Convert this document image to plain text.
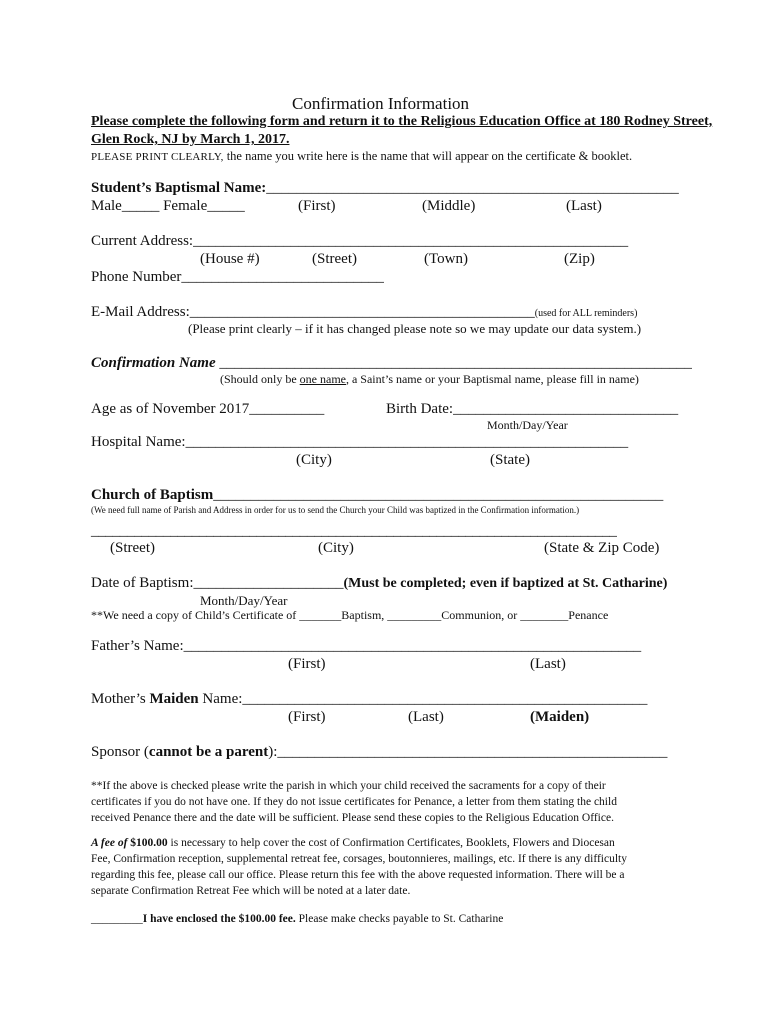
Confirmation Information
Please complete the following form and return it to the Religious Education Office at 180 Rodney Street,
Glen Rock, NJ by March 1, 2017.
PLEASE PRINT CLEARLY, the name you write here is the name that will appear on the certificate & booklet.
Student’s Baptismal Name:_______________________________________________________
Male_____ Female_____	(First)	(Middle)	(Last)
Current Address:__________________________________________________________
(House #)	(Street)	(Town)	(Zip)
Phone Number___________________________
E-Mail Address:______________________________________________(used for ALL reminders)
(Please print clearly – if it has changed please note so we may update our data system.)
Confirmation Name _______________________________________________________________
(Should only be one name, a Saint’s name or your Baptismal name, please fill in name)
Age as of November 2017__________	Birth Date:______________________________
Month/Day/Year
Hospital Name:___________________________________________________________
(City)	(State)
Church of Baptism____________________________________________________________
(We need full name of Parish and Address in order for us to send the Church your Child was baptized in the Confirmation information.)
_________________________________________________________________________
(Street)	(City)	(State & Zip Code)
Date of Baptism:____________________(Must be completed; even if baptized at St. Catharine)
Month/Day/Year
**We need a copy of Child’s Certificate of _______Baptism, _________Communion, or ________Penance
Father’s Name:_____________________________________________________________
(First)	(Last)
Mother’s Maiden Name:______________________________________________________
(First)	(Last)	(Maiden)
Sponsor (cannot be a parent):____________________________________________________
**If the above is checked please write the parish in which your child received the sacraments for a copy of their
certificates if you do not have one. If they do not issue certificates for Penance, a letter from them stating the child
received Penance there and the date will be sufficient. Please send these copies to the Religious Education Office.
A fee of $100.00 is necessary to help cover the cost of Confirmation Certificates, Booklets, Flowers and Diocesan
Fee, Confirmation reception, supplemental retreat fee, corsages, boutonnieres, mailings, etc. If there is any difficulty
regarding this fee, please call our office. Please return this fee with the above requested information. There will be a
separate Confirmation Retreat Fee which will be noted at a later date.
_________I have enclosed the $100.00 fee. Please make checks payable to St. Catharine
